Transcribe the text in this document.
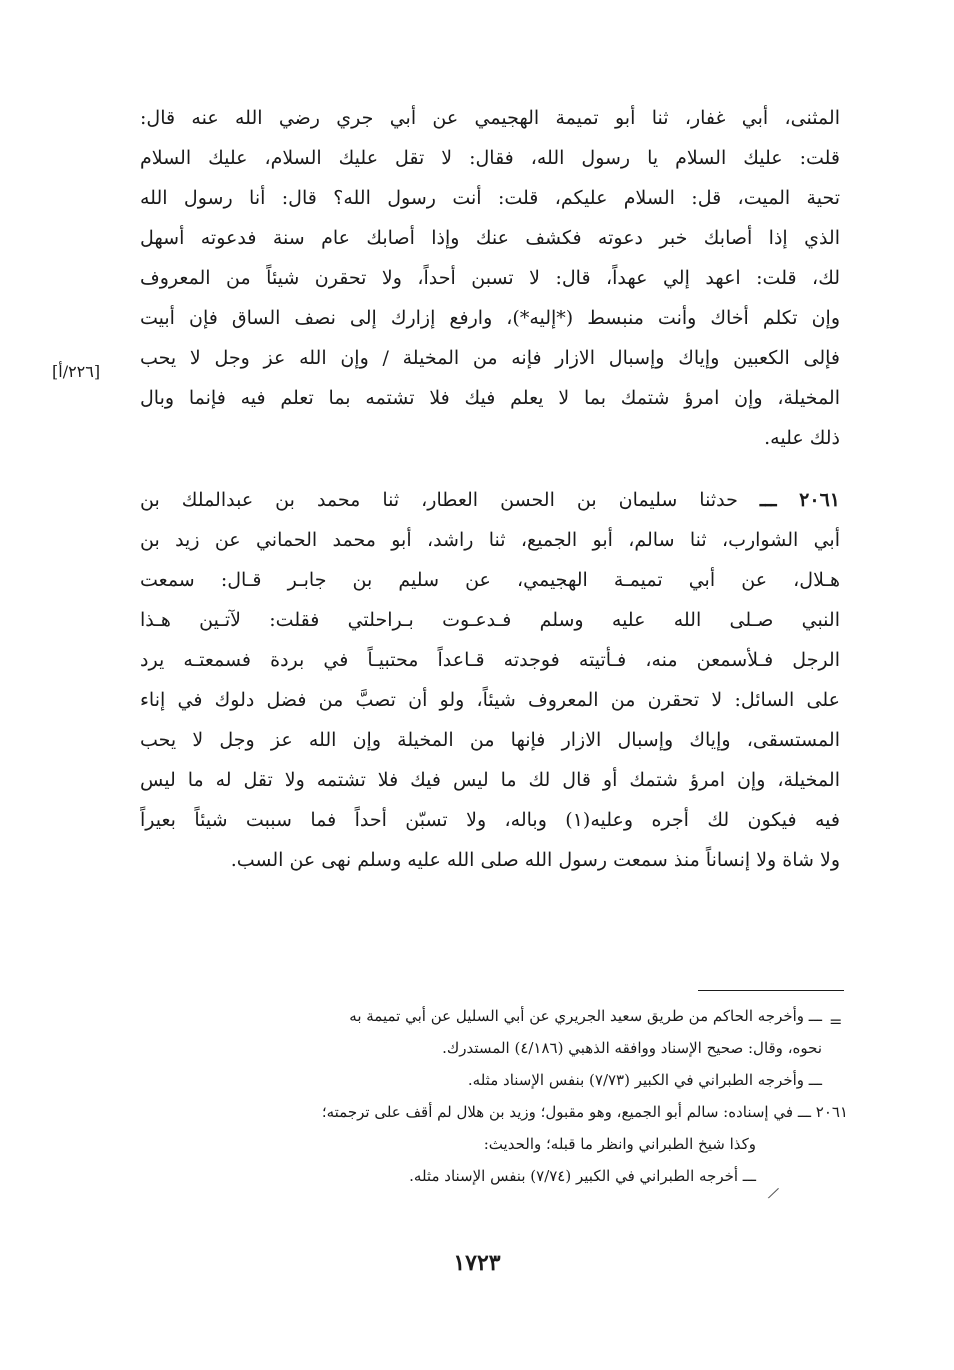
[٢٢٦/أ]
المثنى، أبي غفار، ثنا أبو تميمة الهجيمي عن أبي جري رضي الله عنه قال:
قلت: عليك السلام يا رسول الله، فقال: لا تقل عليك السلام، عليك السلام
تحية الميت، قل: السلام عليكم، قلت: أنت رسول الله؟ قال: أنا رسول الله
الذي إذا أصابك خبر دعوته فكشف عنك وإذا أصابك عام سنة فدعوته أسهل
لك، قلت: اعهد إلي عهداً، قال: لا تسبن أحداً، ولا تحقرن شيئاً من المعروف
وإن تكلم أخاك وأنت منبسط (*إليه*)، وارفع إزارك إلى نصف الساق فإن أبيت
فإلى الكعبين وإياك وإسبال الازار فإنه من المخيلة / وإن الله عز وجل لا يحب
المخيلة، وإن امرؤ شتمك بما لا يعلم فيك فلا تشتمه بما تعلم فيه فإنما وبال
ذلك عليه.
٢٠٦١ ـــ حدثنا سليمان بن الحسن العطار، ثنا محمد بن عبدالملك بن
أبي الشوارب، ثنا سالم، أبو الجميع، ثنا راشد، أبو محمد الحماني عن زيد بن
هـلال، عن أبي تميمـة الهجيمي، عن سليم بن جابـر قـال: سمعت
النبي صـلى الله عليه وسلم فـدعـوت بـراحلتي فقلت: لآتـين هـذا
الرجل فـلأسمعن منه، فـأتيته فوجدته قـاعداً محتبيـاً في بردة فسمعتـه يرد
على السائل: لا تحقرن من المعروف شيئاً، ولو أن تصبَّ من فضل دلوك في إناء
المستسقى، وإياك وإسبال الازار فإنها من المخيلة وإن الله عز وجل لا يحب
المخيلة، وإن امرؤ شتمك أو قال لك ما ليس فيك فلا تشتمه ولا تقل له ما ليس
فيه فيكون لك أجره وعليه(١) وباله، ولا تسبّن أحداً فما سببت شيئاً بعيراً
ولا شاة ولا إنساناً منذ سمعت رسول الله صلى الله عليه وسلم نهى عن السب.
=
⁄
ـــ وأخرجه الحاكم من طريق سعيد الجريري عن أبي السليل عن أبي تميمة به
نحوه، وقال: صحيح الإسناد ووافقه الذهبي (٤/١٨٦) المستدرك.
ـــ وأخرجه الطبراني في الكبير (٧/٧٣) بنفس الإسناد مثله.
٢٠٦١ ـــ في إسناده: سالم أبو الجميع، وهو مقبول؛ وزيد بن هلال لم أقف على ترجمته؛
وكذا شيخ الطبراني وانظر ما قبله؛ والحديث:
ـــ أخرجه الطبراني في الكبير (٧/٧٤) بنفس الإسناد مثله.
١٧٢٣
